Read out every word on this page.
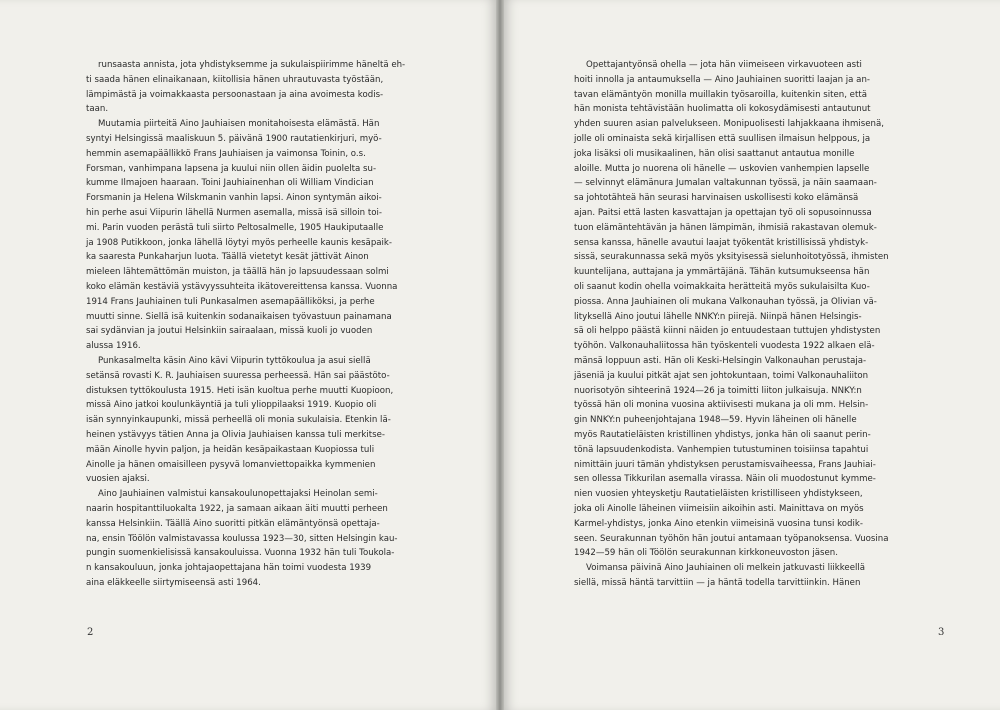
runsaasta annista, jota yhdistyksemme ja sukulaispiirimme häneltä eh-
ti saada hänen elinaikanaan, kiitollisia hänen uhrautuvasta työstään,
lämpimästä ja voimakkaasta persoonastaan ja aina avoimesta kodis-
taan.

Muutamia piirteitä Aino Jauhiaisen monitahoisesta elämästä. Hän
syntyi Helsingissä maaliskuun 5. päivänä 1900 rautatienkirjuri, myö-
hemmin asemapäällikkö Frans Jauhiaisen ja vaimonsa Toinin, o.s.
Forsman, vanhimpana lapsena ja kuului niin ollen äidin puolelta su-
kumme Ilmajoen haaraan. Toini Jauhiainenhan oli William Vindician
Forsmanin ja Helena Wilskmanin vanhin lapsi. Ainon syntymän aikoi-
hin perhe asui Viipurin lähellä Nurmen asemalla, missä isä silloin toi-
mi. Parin vuoden perästä tuli siirto Peltosalmelle, 1905 Haukiputaalle
ja 1908 Putikkoon, jonka lähellä löytyi myös perheelle kaunis kesäpaik-
ka saaresta Punkaharjun luota. Täällä vietetyt kesät jättivät Ainon
mieleen lähtemättömän muiston, ja täällä hän jo lapsuudessaan solmi
koko elämän kestäviä ystävyyssuhteita ikätovereittensa kanssa. Vuonna
1914 Frans Jauhiainen tuli Punkasalmen asemapäälliköksi, ja perhe
muutti sinne. Siellä isä kuitenkin sodanaikaisen työvastuun painamana
sai sydänvian ja joutui Helsinkiin sairaalaan, missä kuoli jo vuoden
alussa 1916.

Punkasalmelta käsin Aino kävi Viipurin tyttökoulua ja asui siellä
setänsä rovasti K. R. Jauhiaisen suuressa perheessä. Hän sai päästöto-
distuksen tyttökoulusta 1915. Heti isän kuoltua perhe muutti Kuopioon,
missä Aino jatkoi koulunkäyntiä ja tuli ylioppilaaksi 1919. Kuopio oli
isän synnyinkaupunki, missä perheellä oli monia sukulaisia. Etenkin lä-
heinen ystävyys tätien Anna ja Olivia Jauhiaisen kanssa tuli merkitse-
mään Ainolle hyvin paljon, ja heidän kesäpaikastaan Kuopiossa tuli
Ainolle ja hänen omaisilleen pysyvä lomanviettopaikka kymmenien
vuosien ajaksi.

Aino Jauhiainen valmistui kansakoulunopettajaksi Heinolan semi-
naarin hospitanttiluokalta 1922, ja samaan aikaan äiti muutti perheen
kanssa Helsinkiin. Täällä Aino suoritti pitkän elämäntyönsä opettaja-
na, ensin Töölön valmistavassa koulussa 1923—30, sitten Helsingin kau-
pungin suomenkielisissä kansakouluissa. Vuonna 1932 hän tuli Toukola-
n kansakouluun, jonka johtajaopettajana hän toimi vuodesta 1939
aina eläkkeelle siirtymiseensä asti 1964.

2

Opettajantyönsä ohella — jota hän viimeiseen virkavuoteen asti
hoiti innolla ja antaumuksella — Aino Jauhiainen suoritti laajan ja an-
tavan elämäntyön monilla muillakin työsaroilla, kuitenkin siten, että
hän monista tehtävistään huolimatta oli kokosydämisesti antautunut
yhden suuren asian palvelukseen. Monipuolisesti lahjakkaana ihmisenä,
jolle oli ominaista sekä kirjallisen että suullisen ilmaisun helppous, ja
joka lisäksi oli musikaalinen, hän olisi saattanut antautua monille
aloille. Mutta jo nuorena oli hänelle — uskovien vanhempien lapselle
— selvinnyt elämänura Jumalan valtakunnan työssä, ja näin saamaan-
sa johtotähteä hän seurasi harvinaisen uskollisesti koko elämänsä
ajan. Paitsi että lasten kasvattajan ja opettajan työ oli sopusoinnussa
tuon elämäntehtävän ja hänen lämpimän, ihmisiä rakastavan olemuk-
sensa kanssa, hänelle avautui laajat työkentät kristillisissä yhdistyk-
sissä, seurakunnassa sekä myös yksityisessä sielunhoitotyössä, ihmisten
kuuntelijana, auttajana ja ymmärtäjänä. Tähän kutsumukseensa hän
oli saanut kodin ohella voimakkaita herätteitä myös sukulaisilta Kuo-
piossa. Anna Jauhiainen oli mukana Valkonauhan työssä, ja Olivian vä-
lityksellä Aino joutui lähelle NNKY:n piirejä. Niinpä hänen Helsingis-
sä oli helppo päästä kiinni näiden jo entuudestaan tuttujen yhdistysten
työhön. Valkonauhaliitossa hän työskenteli vuodesta 1922 alkaen elä-
mänsä loppuun asti. Hän oli Keski-Helsingin Valkonauhan perustaja-
jäseniä ja kuului pitkät ajat sen johtokuntaan, toimi Valkonauhaliiton
nuorisotyön sihteerinä 1924—26 ja toimitti liiton julkaisuja. NNKY:n
työssä hän oli monina vuosina aktiivisesti mukana ja oli mm. Helsin-
gin NNKY:n puheenjohtajana 1948—59. Hyvin läheinen oli hänelle
myös Rautatieläisten kristillinen yhdistys, jonka hän oli saanut perin-
tönä lapsuudenkodista. Vanhempien tutustuminen toisiinsa tapahtui
nimittäin juuri tämän yhdistyksen perustamisvaiheessa, Frans Jauhiai-
sen ollessa Tikkurilan asemalla virassa. Näin oli muodostunut kymme-
nien vuosien yhteysketju Rautatieläisten kristilliseen yhdistykseen,
joka oli Ainolle läheinen viimeisiin aikoihin asti. Mainittava on myös
Karmel-yhdistys, jonka Aino etenkin viimeisinä vuosina tunsi kodik-
seen. Seurakunnan työhön hän joutui antamaan työpanoksensa. Vuosina
1942—59 hän oli Töölön seurakunnan kirkkoneuvoston jäsen.

Voimansa päivinä Aino Jauhiainen oli melkein jatkuvasti liikkeellä
siellä, missä häntä tarvittiin — ja häntä todella tarvittiinkin. Hänen

3
